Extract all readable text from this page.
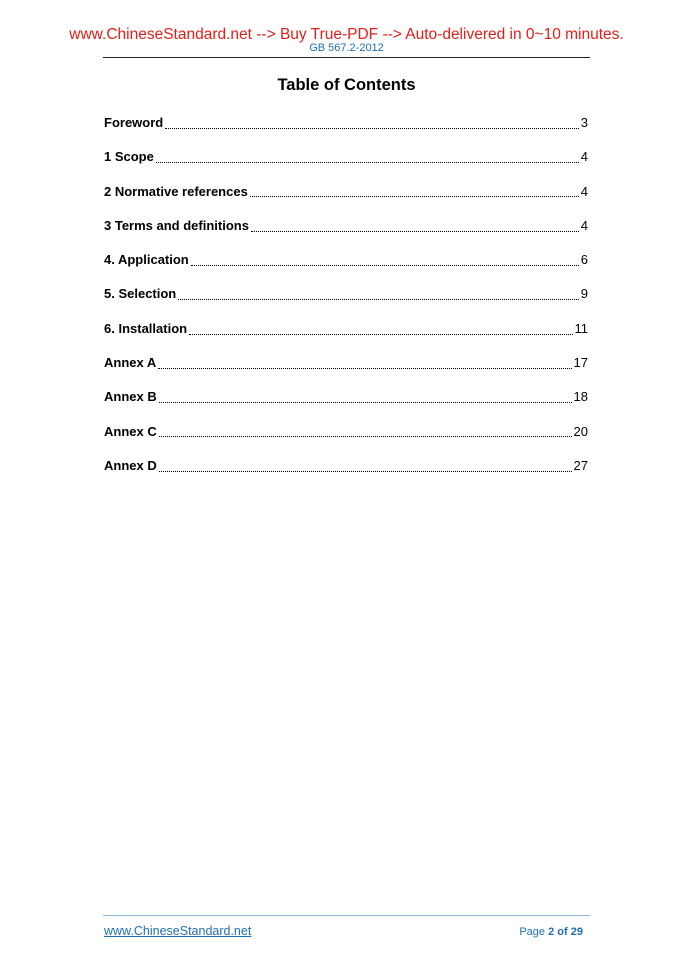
www.ChineseStandard.net --> Buy True-PDF --> Auto-delivered in 0~10 minutes.
GB 567.2-2012
Table of Contents
Foreword	3
1 Scope	4
2 Normative references	4
3 Terms and definitions	4
4. Application	6
5. Selection	9
6. Installation	11
Annex A	17
Annex B	18
Annex C	20
Annex D	27
www.ChineseStandard.net	Page 2 of 29
